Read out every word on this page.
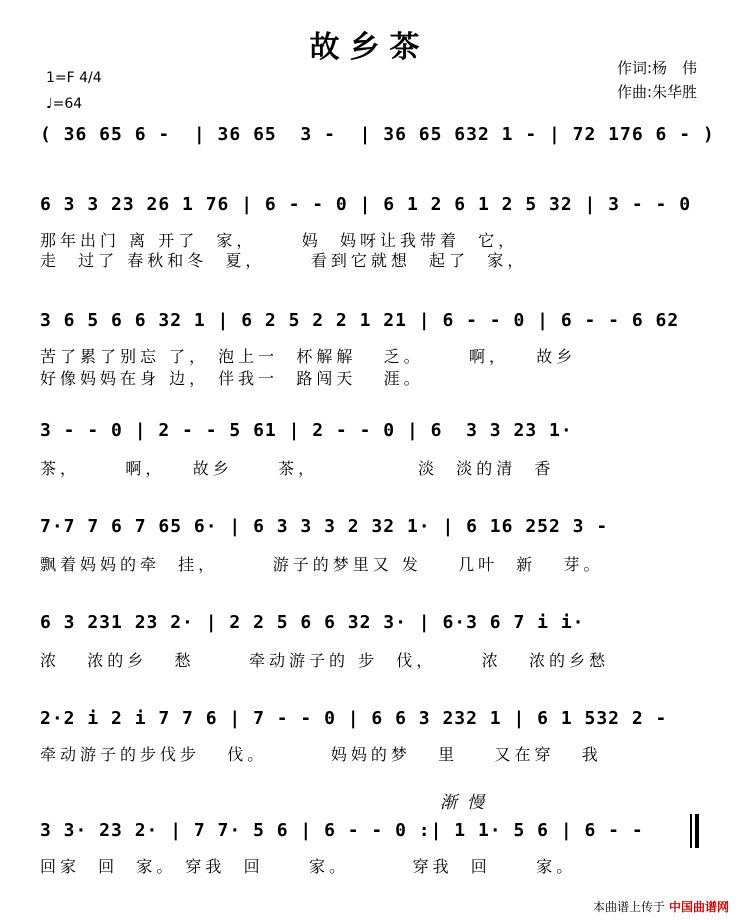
故乡茶
1=F 4/4
♩=64
作词:杨　伟
作曲:朱华胜
( 36 65 6 -  | 36 65  3 -  | 36 65 632 1 - | 72 176 6 - )
6 3 3 23 26 1 76 | 6 - - 0 | 6 1 2 6 1 2 5 32 | 3 - - 0
那年出门 离 开了  家，     妈  妈呀让我带着  它，
走  过了 春秋和冬  夏，     看到它就想  起了  家，
3 6 5 6 6 32 1 | 6 2 5 2 2 1 21 | 6 - - 0 | 6 - - 6 62
苦了累了别忘 了， 泡上一  杯解解   乏。     啊，   故乡
好像妈妈在身 边， 伴我一  路闯天   涯。
3 - - 0 | 2 - - 5 61 | 2 - - 0 | 6  3 3 23 1·
茶，     啊，   故乡     茶，           淡  淡的清  香
7·7 7 6 7 65 6· | 6 3 3 3 2 32 1· | 6 16 252 3 -
飘着妈妈的牵  挂，      游子的梦里又 发    几叶  新   芽。
6 3 231 23 2· | 2 2 5 6 6 32 3· | 6·3 6 7 i i·
浓   浓的乡   愁      牵动游子的 步  伐，     浓   浓的乡愁
2·2 i 2 i 7 7 6 | 7 - - 0 | 6 6 3 232 1 | 6 1 532 2 -
牵动游子的步伐步   伐。       妈妈的梦   里    又在穿   我
渐慢
3 3· 23 2· | 7 7· 5 6 | 6 - - 0 :| 1 1· 5 6 | 6 - -
回家  回  家。 穿我  回     家。       穿我  回     家。
本曲谱上传于 中国曲谱网
